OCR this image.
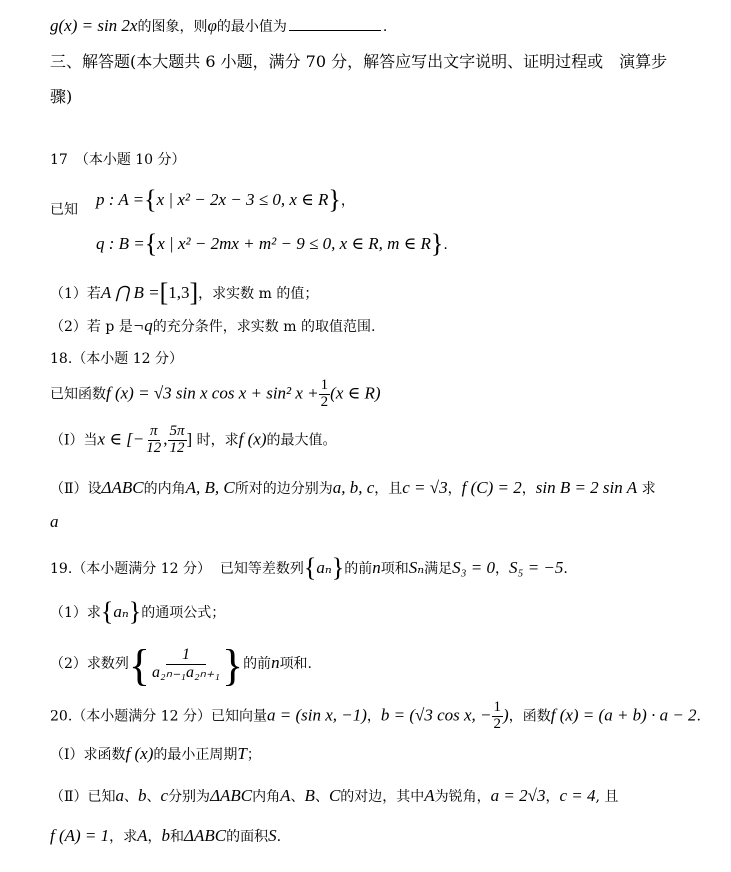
g(x) = sin 2x的图象，则φ的最小值为	.
三、解答题(本大题共 6 小题，满分 70 分，解答应写出文字说明、证明过程或　演算步
骤)
17　（本小题 10 分）
已知
p : A ={x | x² − 2x − 3 ≤ 0, x ∈ R}，
q : B ={x | x² − 2mx + m² − 9 ≤ 0, x ∈ R, m ∈ R}.
（1）若A ⋂ B =[1,3]，求实数 m 的值；
（2）若 p 是¬q的充分条件，求实数 m 的取值范围.
18.（本小题 12 分）
已知函数f (x) = √3 sin x cos x + sin² $x + \frac{1}{2} (x$ ∈ R)
（Ⅰ）当x ∈ [− $\frac{\pi}{12}$ , $\frac{5\pi}{12}$ ] 时，求f (x)的最大值。
（Ⅱ）设ΔABC的内角A, B, C所对的边分别为a, b, c，且c = √3，f (C) = 2，sin B = 2 sin A 求
a
19.（本小题满分 12 分） 已知等差数列{aₙ}的前n项和Sₙ满足S₃ = 0，S₅ = −5.
（1）求{aₙ}的通项公式；
（2）求数列{ $\frac{1}{\text{a₂ₙ₋₁a₂ₙ₊₁}}$ }的前n项和.
20.（本小题满分 12 分）已知向量a = (sin x, −1)，b = (√3 cos x, − $\frac{1}{2}$ )，函数f (x) = (a + b) · a − 2.
（Ⅰ）求函数f (x)的最小正周期T；
（Ⅱ）已知a、b、c分别为ΔABC内角A、B、C的对边，其中A为锐角，a = 2√3，c = 4, 且
f (A) = 1，求A，b和ΔABC的面积S.
